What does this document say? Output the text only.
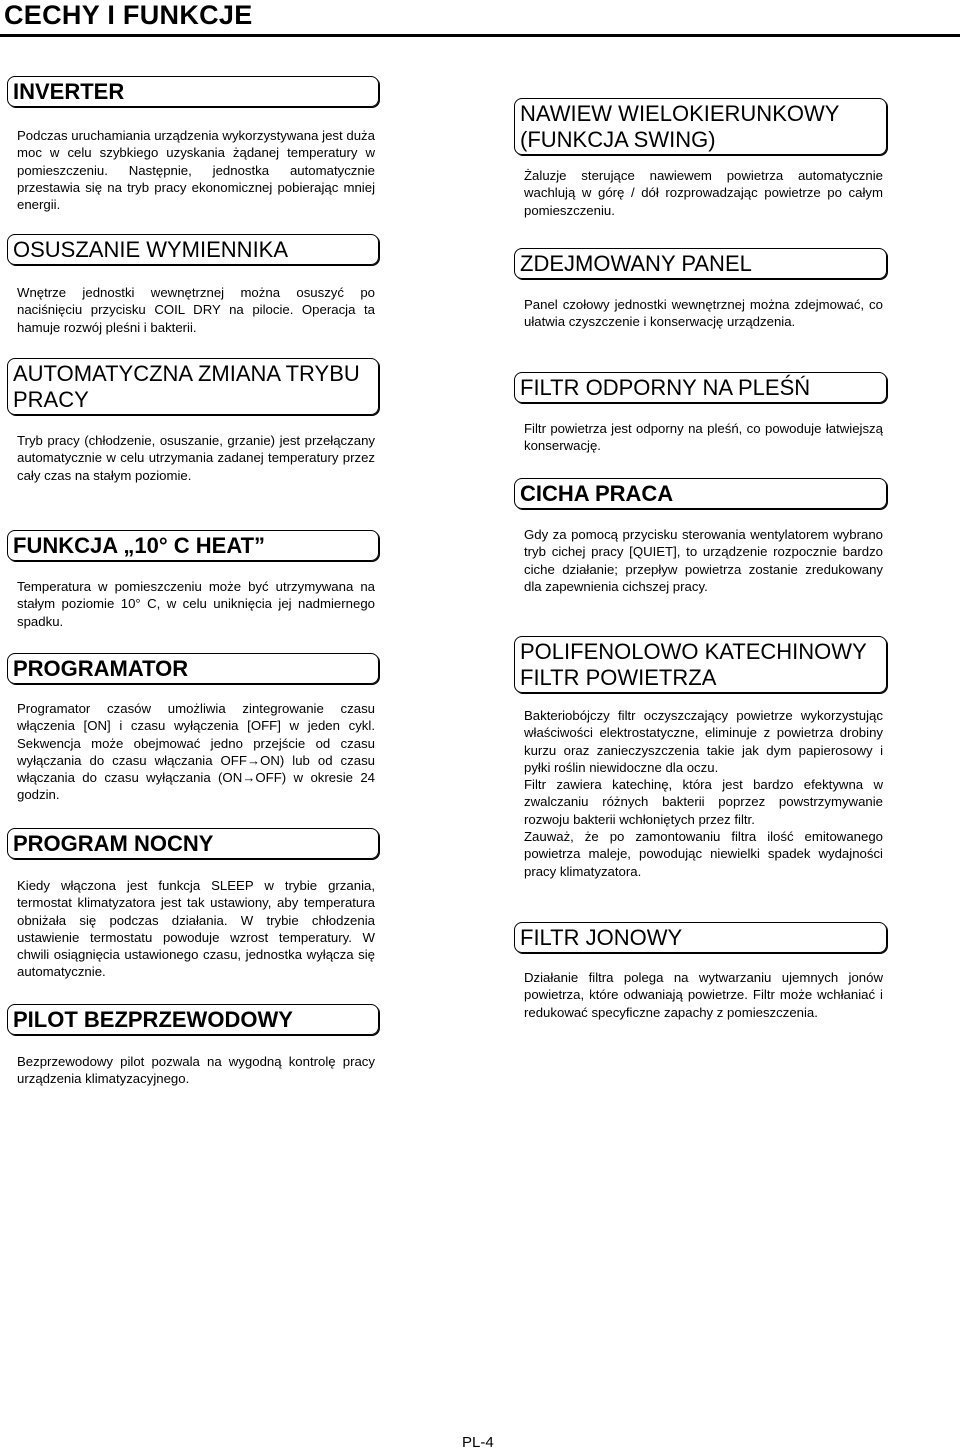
CECHY I FUNKCJE
INVERTER
Podczas uruchamiania urządzenia wykorzystywana jest duża moc w celu szybkiego uzyskania żądanej temperatury w pomieszczeniu. Następnie, jednostka automatycznie przestawia się na tryb pracy ekonomicznej pobierając mniej energii.
OSUSZANIE WYMIENNIKA
Wnętrze jednostki wewnętrznej można osuszyć po naciśnięciu przycisku COIL DRY na pilocie. Operacja ta hamuje rozwój pleśni i bakterii.
AUTOMATYCZNA ZMIANA TRYBU PRACY
Tryb pracy (chłodzenie, osuszanie, grzanie) jest przełączany automatycznie w celu utrzymania zadanej temperatury przez cały czas na stałym poziomie.
FUNKCJA „10° C HEAT”
Temperatura w pomieszczeniu może być utrzymywana na stałym poziomie 10° C, w celu uniknięcia jej nadmiernego spadku.
PROGRAMATOR
Programator czasów umożliwia zintegrowanie czasu włączenia [ON] i czasu wyłączenia [OFF] w jeden cykl. Sekwencja może obejmować jedno przejście od czasu wyłączania do czasu włączania OFF→ON) lub od czasu włączania do czasu wyłączania (ON→OFF) w okresie 24 godzin.
PROGRAM NOCNY
Kiedy włączona jest funkcja SLEEP w trybie grzania, termostat klimatyzatora jest tak ustawiony, aby temperatura obniżała się podczas działania. W trybie chłodzenia ustawienie termostatu powoduje wzrost temperatury. W chwili osiągnięcia ustawionego czasu, jednostka wyłącza się automatycznie.
PILOT BEZPRZEWODOWY
Bezprzewodowy pilot pozwala na wygodną kontrolę pracy urządzenia klimatyzacyjnego.
NAWIEW WIELOKIERUNKOWY (FUNKCJA SWING)
Żaluzje sterujące nawiewem powietrza automatycznie wachlują w górę / dół rozprowadzając powietrze po całym pomieszczeniu.
ZDEJMOWANY PANEL
Panel czołowy jednostki wewnętrznej można zdejmować, co ułatwia czyszczenie i konserwację urządzenia.
FILTR ODPORNY NA PLEŚŃ
Filtr powietrza jest odporny na pleśń, co powoduje łatwiejszą konserwację.
CICHA PRACA
Gdy za pomocą przycisku sterowania wentylatorem wybrano tryb cichej pracy [QUIET], to urządzenie rozpocznie bardzo ciche działanie; przepływ powietrza zostanie zredukowany dla zapewnienia cichszej pracy.
POLIFENOLOWO KATECHINOWY FILTR POWIETRZA
Bakteriobójczy filtr oczyszczający powietrze wykorzystując właściwości elektrostatyczne, eliminuje z powietrza drobiny kurzu oraz zanieczyszczenia takie jak dym papierosowy i pyłki roślin niewidoczne dla oczu.
Filtr zawiera katechinę, która jest bardzo efektywna w zwalczaniu różnych bakterii poprzez powstrzymywanie rozwoju bakterii wchłoniętych przez filtr.
Zauważ, że po zamontowaniu filtra ilość emitowanego powietrza maleje, powodując niewielki spadek wydajności pracy klimatyzatora.
FILTR JONOWY
Działanie filtra polega na wytwarzaniu ujemnych jonów powietrza, które odwaniają powietrze. Filtr może wchłaniać i redukować specyficzne zapachy z pomieszczenia.
PL-4
